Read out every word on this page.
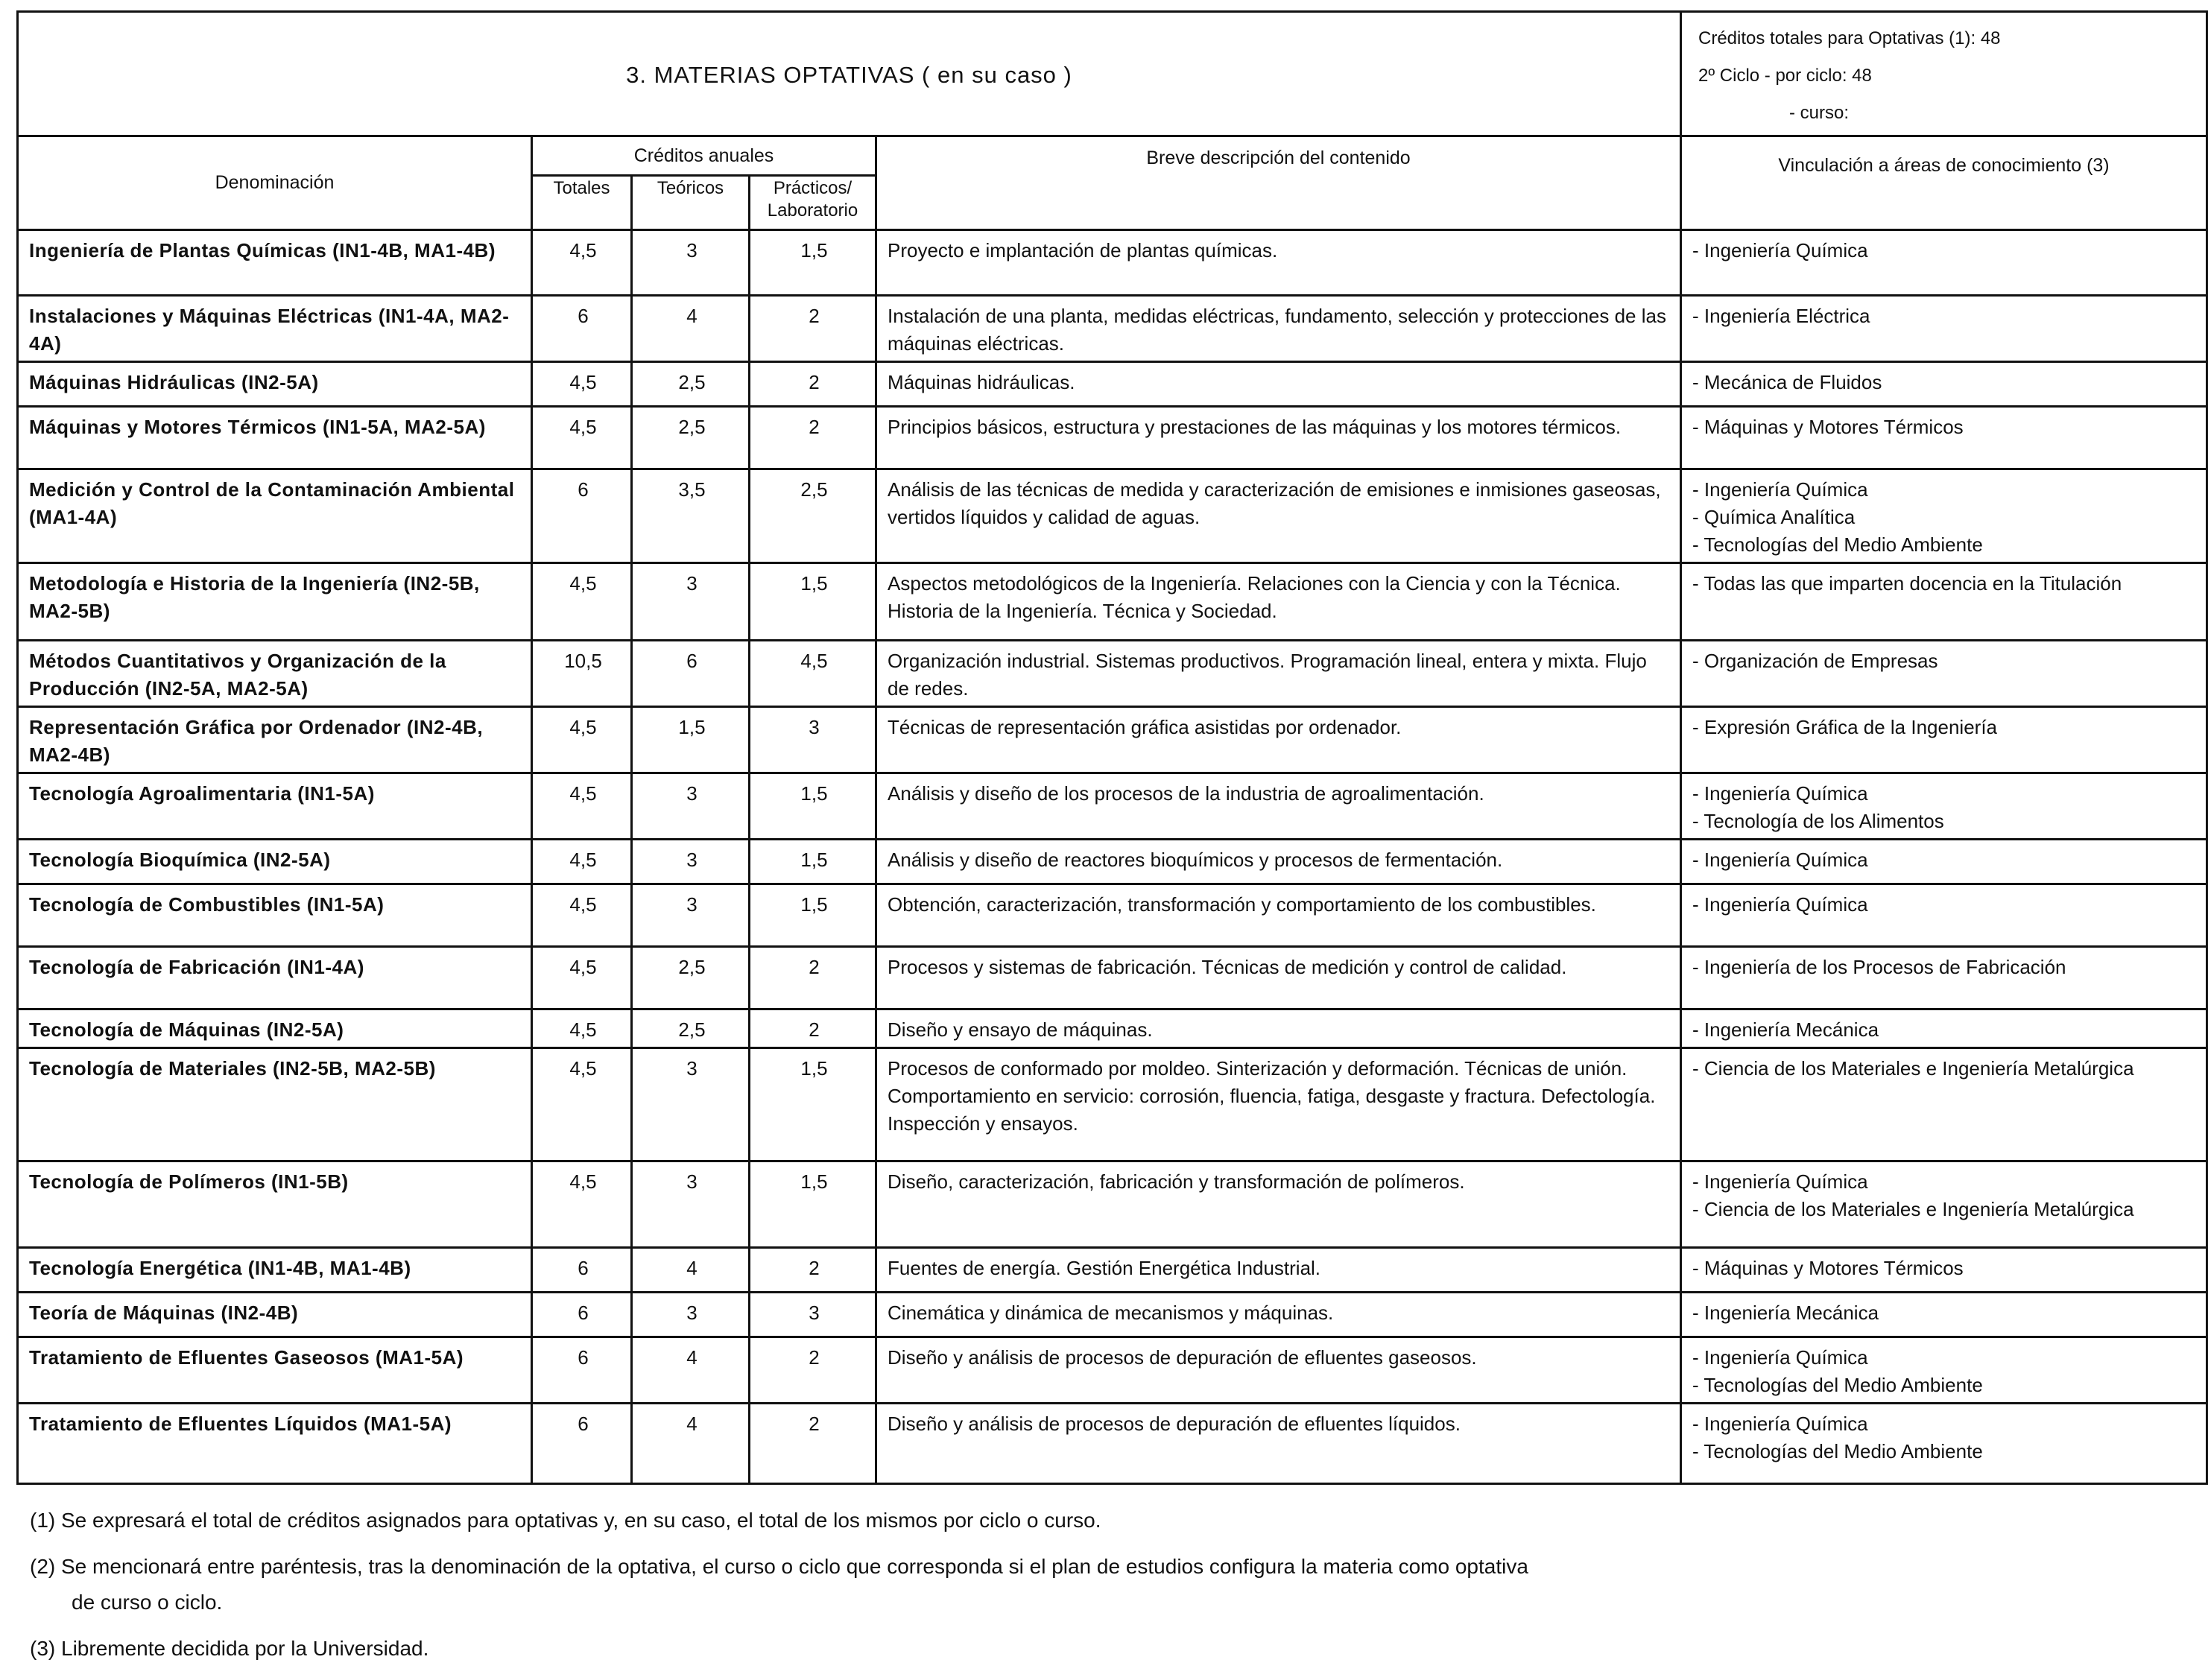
3. MATERIAS OPTATIVAS ( en su caso )	
Créditos totales para Optativas (1): 48
2º Ciclo - por ciclo: 48
- curso:
Denominación	Créditos anuales			Breve descripción del contenido	Vinculación a áreas de conocimiento (3)
	Totales	Teóricos	Prácticos/ Laboratorio		
Ingeniería de Plantas Químicas (IN1-4B, MA1-4B)	4,5	3	1,5	Proyecto e implantación de plantas químicas.	- Ingeniería Química

Instalaciones y Máquinas Eléctricas (IN1-4A, MA2-4A)	6	4	2	Instalación de una planta, medidas eléctricas, fundamento, selección y protecciones de las máquinas eléctricas.	- Ingeniería Eléctrica

Máquinas Hidráulicas (IN2-5A)	4,5	2,5	2	Máquinas hidráulicas.	- Mecánica de Fluidos

Máquinas y Motores Térmicos (IN1-5A, MA2-5A)	4,5	2,5	2	Principios básicos, estructura y prestaciones de las máquinas y los motores térmicos.	- Máquinas y Motores Térmicos

Medición y Control de la Contaminación Ambiental (MA1-4A)	6	3,5	2,5	Análisis de las técnicas de medida y caracterización de emisiones e inmisiones gaseosas, vertidos líquidos y calidad de aguas.	- Ingeniería Química
- Química Analítica
- Tecnologías del Medio Ambiente

Metodología e Historia de la Ingeniería (IN2-5B, MA2-5B)	4,5	3	1,5	Aspectos metodológicos de la Ingeniería. Relaciones con la Ciencia y con la Técnica. Historia de la Ingeniería. Técnica y Sociedad.	- Todas las que imparten docencia en la Titulación

Métodos Cuantitativos y Organización de la Producción (IN2-5A, MA2-5A)	10,5	6	4,5	Organización industrial. Sistemas productivos. Programación lineal, entera y mixta. Flujo de redes.	- Organización de Empresas

Representación Gráfica por Ordenador (IN2-4B, MA2-4B)	4,5	1,5	3	Técnicas de representación gráfica asistidas por ordenador.	- Expresión Gráfica de la Ingeniería

Tecnología Agroalimentaria (IN1-5A)	4,5	3	1,5	Análisis y diseño de los procesos de la industria de agroalimentación.	- Ingeniería Química
- Tecnología de los Alimentos

Tecnología Bioquímica (IN2-5A)	4,5	3	1,5	Análisis y diseño de reactores bioquímicos y procesos de fermentación.	- Ingeniería Química

Tecnología de Combustibles (IN1-5A)	4,5	3	1,5	Obtención, caracterización, transformación y comportamiento de los combustibles.	- Ingeniería Química

Tecnología de Fabricación (IN1-4A)	4,5	2,5	2	Procesos y sistemas de fabricación. Técnicas de medición y control de calidad.	- Ingeniería de los Procesos de Fabricación

Tecnología de Máquinas (IN2-5A)	4,5	2,5	2	Diseño y ensayo de máquinas.	- Ingeniería Mecánica

Tecnología de Materiales (IN2-5B, MA2-5B)	4,5	3	1,5	Procesos de conformado por moldeo. Sinterización y deformación. Técnicas de unión. Comportamiento en servicio: corrosión, fluencia, fatiga, desgaste y fractura. Defectología. Inspección y ensayos.	- Ciencia de los Materiales e Ingeniería Metalúrgica

Tecnología de Polímeros (IN1-5B)	4,5	3	1,5	Diseño, caracterización, fabricación y transformación de polímeros.	- Ingeniería Química
- Ciencia de los Materiales e Ingeniería Metalúrgica

Tecnología Energética (IN1-4B, MA1-4B)	6	4	2	Fuentes de energía. Gestión Energética Industrial.	- Máquinas y Motores Térmicos

Teoría de Máquinas (IN2-4B)	6	3	3	Cinemática y dinámica de mecanismos y máquinas.	- Ingeniería Mecánica

Tratamiento de Efluentes Gaseosos (MA1-5A)	6	4	2	Diseño y análisis de procesos de depuración de efluentes gaseosos.	- Ingeniería Química
- Tecnologías del Medio Ambiente

Tratamiento de Efluentes Líquidos (MA1-5A)	6	4	2	Diseño y análisis de procesos de depuración de efluentes líquidos.	- Ingeniería Química
- Tecnologías del Medio Ambiente
(1) Se expresará el total de créditos asignados para optativas y, en su caso, el total de los mismos por ciclo o curso.
(2) Se mencionará entre paréntesis, tras la denominación de la optativa, el curso o ciclo que corresponda si el plan de estudios configura la materia como optativa
de curso o ciclo.
(3) Libremente decidida por la Universidad.
